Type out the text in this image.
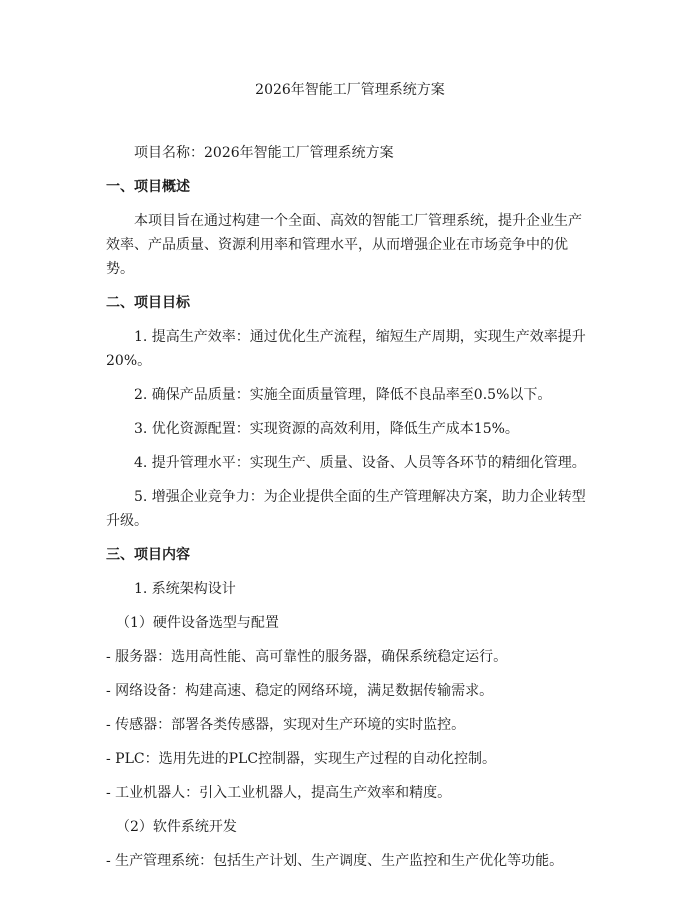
2026年智能工厂管理系统方案

项目名称：2026年智能工厂管理系统方案

一、项目概述

本项目旨在通过构建一个全面、高效的智能工厂管理系统，提升企业生产效率、产品质量、资源利用率和管理水平，从而增强企业在市场竞争中的优势。

二、项目目标

1. 提高生产效率：通过优化生产流程，缩短生产周期，实现生产效率提升20%。

2. 确保产品质量：实施全面质量管理，降低不良品率至0.5%以下。

3. 优化资源配置：实现资源的高效利用，降低生产成本15%。

4. 提升管理水平：实现生产、质量、设备、人员等各环节的精细化管理。

5. 增强企业竞争力：为企业提供全面的生产管理解决方案，助力企业转型升级。

三、项目内容

1. 系统架构设计

（1）硬件设备选型与配置

- 服务器：选用高性能、高可靠性的服务器，确保系统稳定运行。

- 网络设备：构建高速、稳定的网络环境，满足数据传输需求。

- 传感器：部署各类传感器，实现对生产环境的实时监控。

- PLC：选用先进的PLC控制器，实现生产过程的自动化控制。

- 工业机器人：引入工业机器人，提高生产效率和精度。

（2）软件系统开发

- 生产管理系统：包括生产计划、生产调度、生产监控和生产优化等功能。
